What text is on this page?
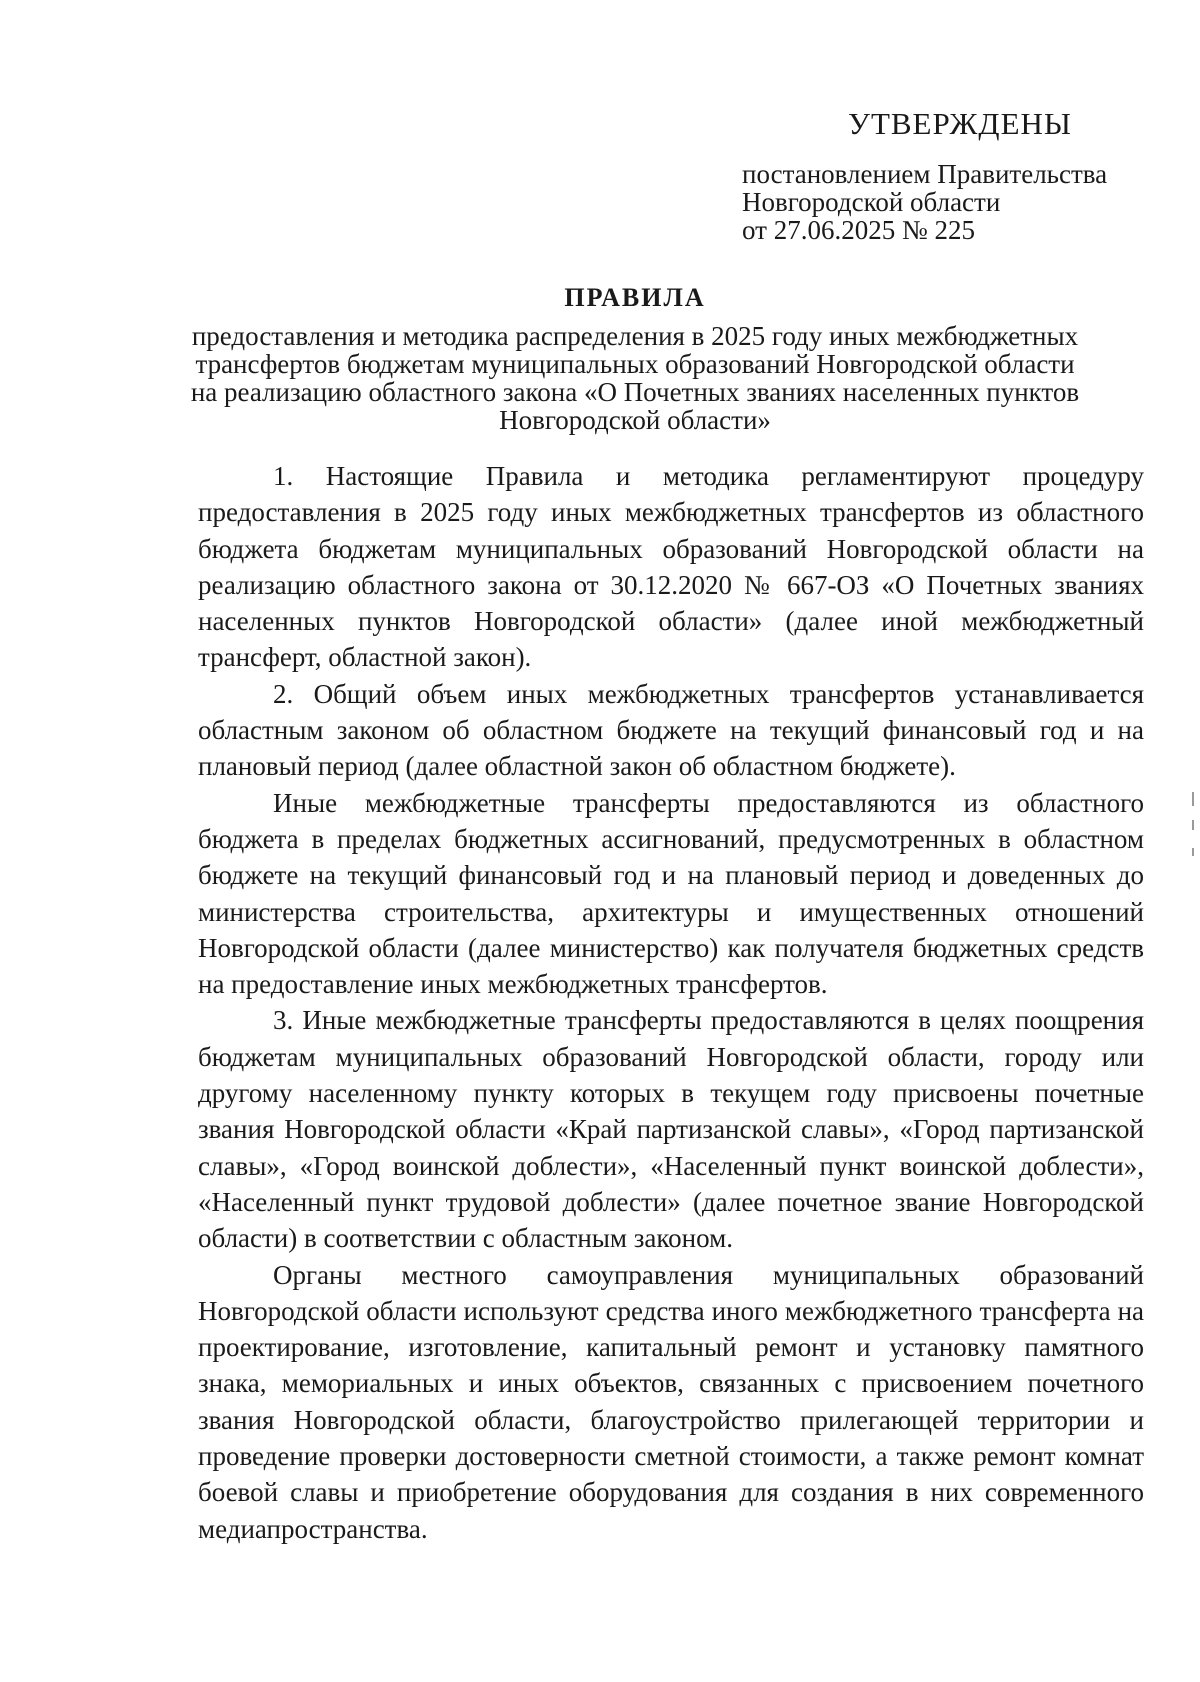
УТВЕРЖДЕНЫ
постановлением Правительства
Новгородской области
от 27.06.2025 № 225
ПРАВИЛА
предоставления и методика распределения в 2025 году иных межбюджетных трансфертов бюджетам муниципальных образований Новгородской области на реализацию областного закона «О Почетных званиях населенных пунктов Новгородской области»

1. Настоящие Правила и методика регламентируют процедуру предоставления в 2025 году иных межбюджетных трансфертов из областного бюджета бюджетам муниципальных образований Новгородской области на реализацию областного закона от 30.12.2020 № 667-ОЗ «О Почетных званиях населенных пунктов Новгородской области» (далее иной межбюджетный трансферт, областной закон).

2. Общий объем иных межбюджетных трансфертов устанавливается областным законом об областном бюджете на текущий финансовый год и на плановый период (далее областной закон об областном бюджете).

Иные межбюджетные трансферты предоставляются из областного бюджета в пределах бюджетных ассигнований, предусмотренных в областном бюджете на текущий финансовый год и на плановый период и доведенных до министерства строительства, архитектуры и имущественных отношений Новгородской области (далее министерство) как получателя бюджетных средств на предоставление иных межбюджетных трансфертов.

3. Иные межбюджетные трансферты предоставляются в целях поощрения бюджетам муниципальных образований Новгородской области, городу или другому населенному пункту которых в текущем году присвоены почетные звания Новгородской области «Край партизанской славы», «Город партизанской славы», «Город воинской доблести», «Населенный пункт воинской доблести», «Населенный пункт трудовой доблести» (далее почетное звание Новгородской области) в соответствии с областным законом.

Органы местного самоуправления муниципальных образований Новгородской области используют средства иного межбюджетного трансферта на проектирование, изготовление, капитальный ремонт и установку памятного знака, мемориальных и иных объектов, связанных с присвоением почетного звания Новгородской области, благоустройство прилегающей территории и проведение проверки достоверности сметной стоимости, а также ремонт комнат боевой славы и приобретение оборудования для создания в них современного медиапространства.
